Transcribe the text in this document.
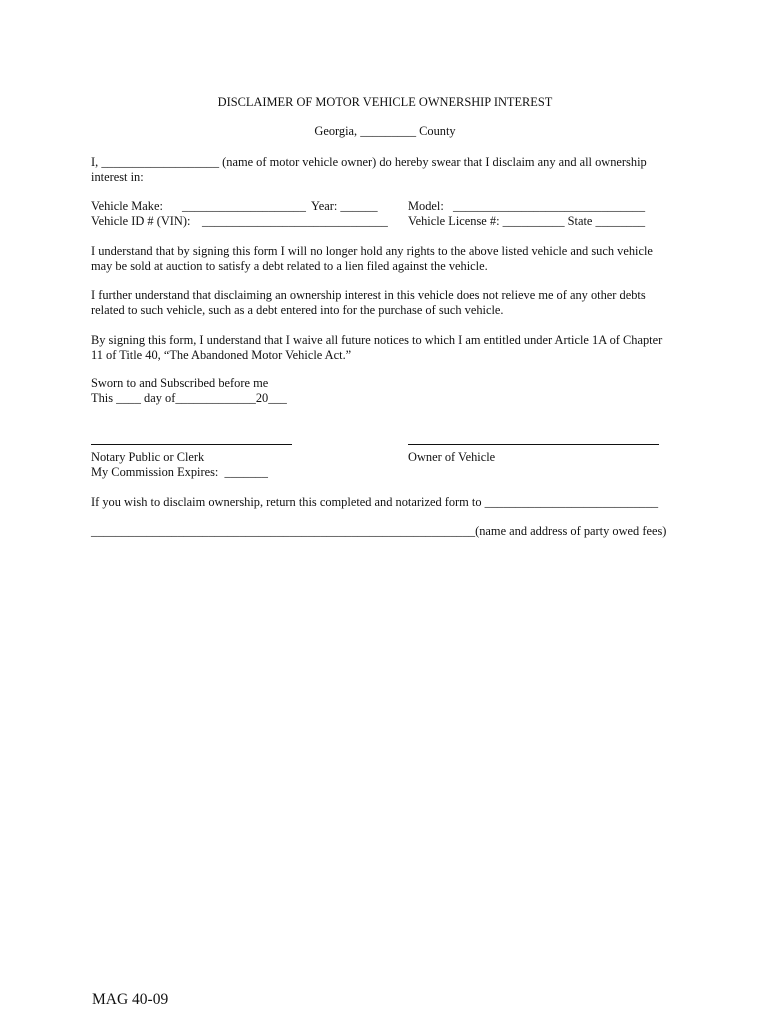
DISCLAIMER OF MOTOR VEHICLE OWNERSHIP INTEREST
Georgia, _________ County
I, ___________________ (name of motor vehicle owner) do hereby swear that I disclaim any and all ownership
interest in:
Vehicle Make: ____________________ Year: ______ Model: _______________________________
Vehicle ID # (VIN): ______________________________ Vehicle License #: __________ State ________
I understand that by signing this form I will no longer hold any rights to the above listed vehicle and such vehicle
may be sold at auction to satisfy a debt related to a lien filed against the vehicle.
I further understand that disclaiming an ownership interest in this vehicle does not relieve me of any other debts
related to such vehicle, such as a debt entered into for the purchase of such vehicle.
By signing this form, I understand that I waive all future notices to which I am entitled under Article 1A of Chapter
11 of Title 40, “The Abandoned Motor Vehicle Act.”
Sworn to and Subscribed before me
This ____ day of_____________20___
Notary Public or Clerk	Owner of Vehicle
My Commission Expires:  _______
If you wish to disclaim ownership, return this completed and notarized form to ____________________________
______________________________________________________________(name and address of party owed fees)
MAG 40-09
